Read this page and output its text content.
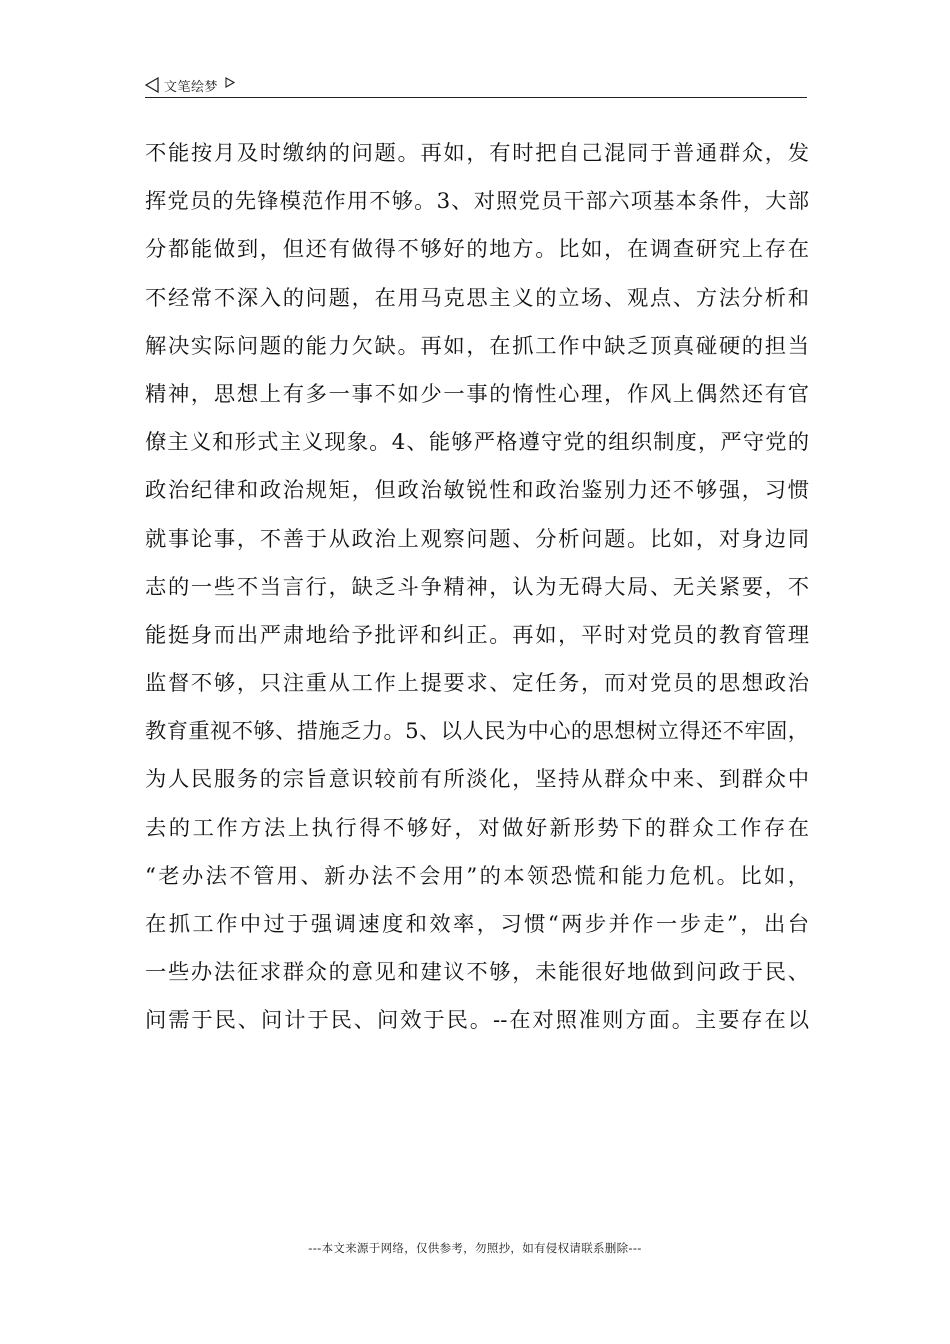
文笔绘梦
不能按月及时缴纳的问题。再如，有时把自己混同于普通群众，发
挥党员的先锋模范作用不够。3、对照党员干部六项基本条件，大部
分都能做到，但还有做得不够好的地方。比如，在调查研究上存在
不经常不深入的问题，在用马克思主义的立场、观点、方法分析和
解决实际问题的能力欠缺。再如，在抓工作中缺乏顶真碰硬的担当
精神，思想上有多一事不如少一事的惰性心理，作风上偶然还有官
僚主义和形式主义现象。4、能够严格遵守党的组织制度，严守党的
政治纪律和政治规矩，但政治敏锐性和政治鉴别力还不够强，习惯
就事论事，不善于从政治上观察问题、分析问题。比如，对身边同
志的一些不当言行，缺乏斗争精神，认为无碍大局、无关紧要，不
能挺身而出严肃地给予批评和纠正。再如，平时对党员的教育管理
监督不够，只注重从工作上提要求、定任务，而对党员的思想政治
教育重视不够、措施乏力。5、以人民为中心的思想树立得还不牢固，
为人民服务的宗旨意识较前有所淡化，坚持从群众中来、到群众中
去的工作方法上执行得不够好，对做好新形势下的群众工作存在
“老办法不管用、新办法不会用”的本领恐慌和能力危机。比如，
在抓工作中过于强调速度和效率，习惯“两步并作一步走”，出台
一些办法征求群众的意见和建议不够，未能很好地做到问政于民、
问需于民、问计于民、问效于民。--在对照准则方面。主要存在以
---本文来源于网络，仅供参考，勿照抄，如有侵权请联系删除---
